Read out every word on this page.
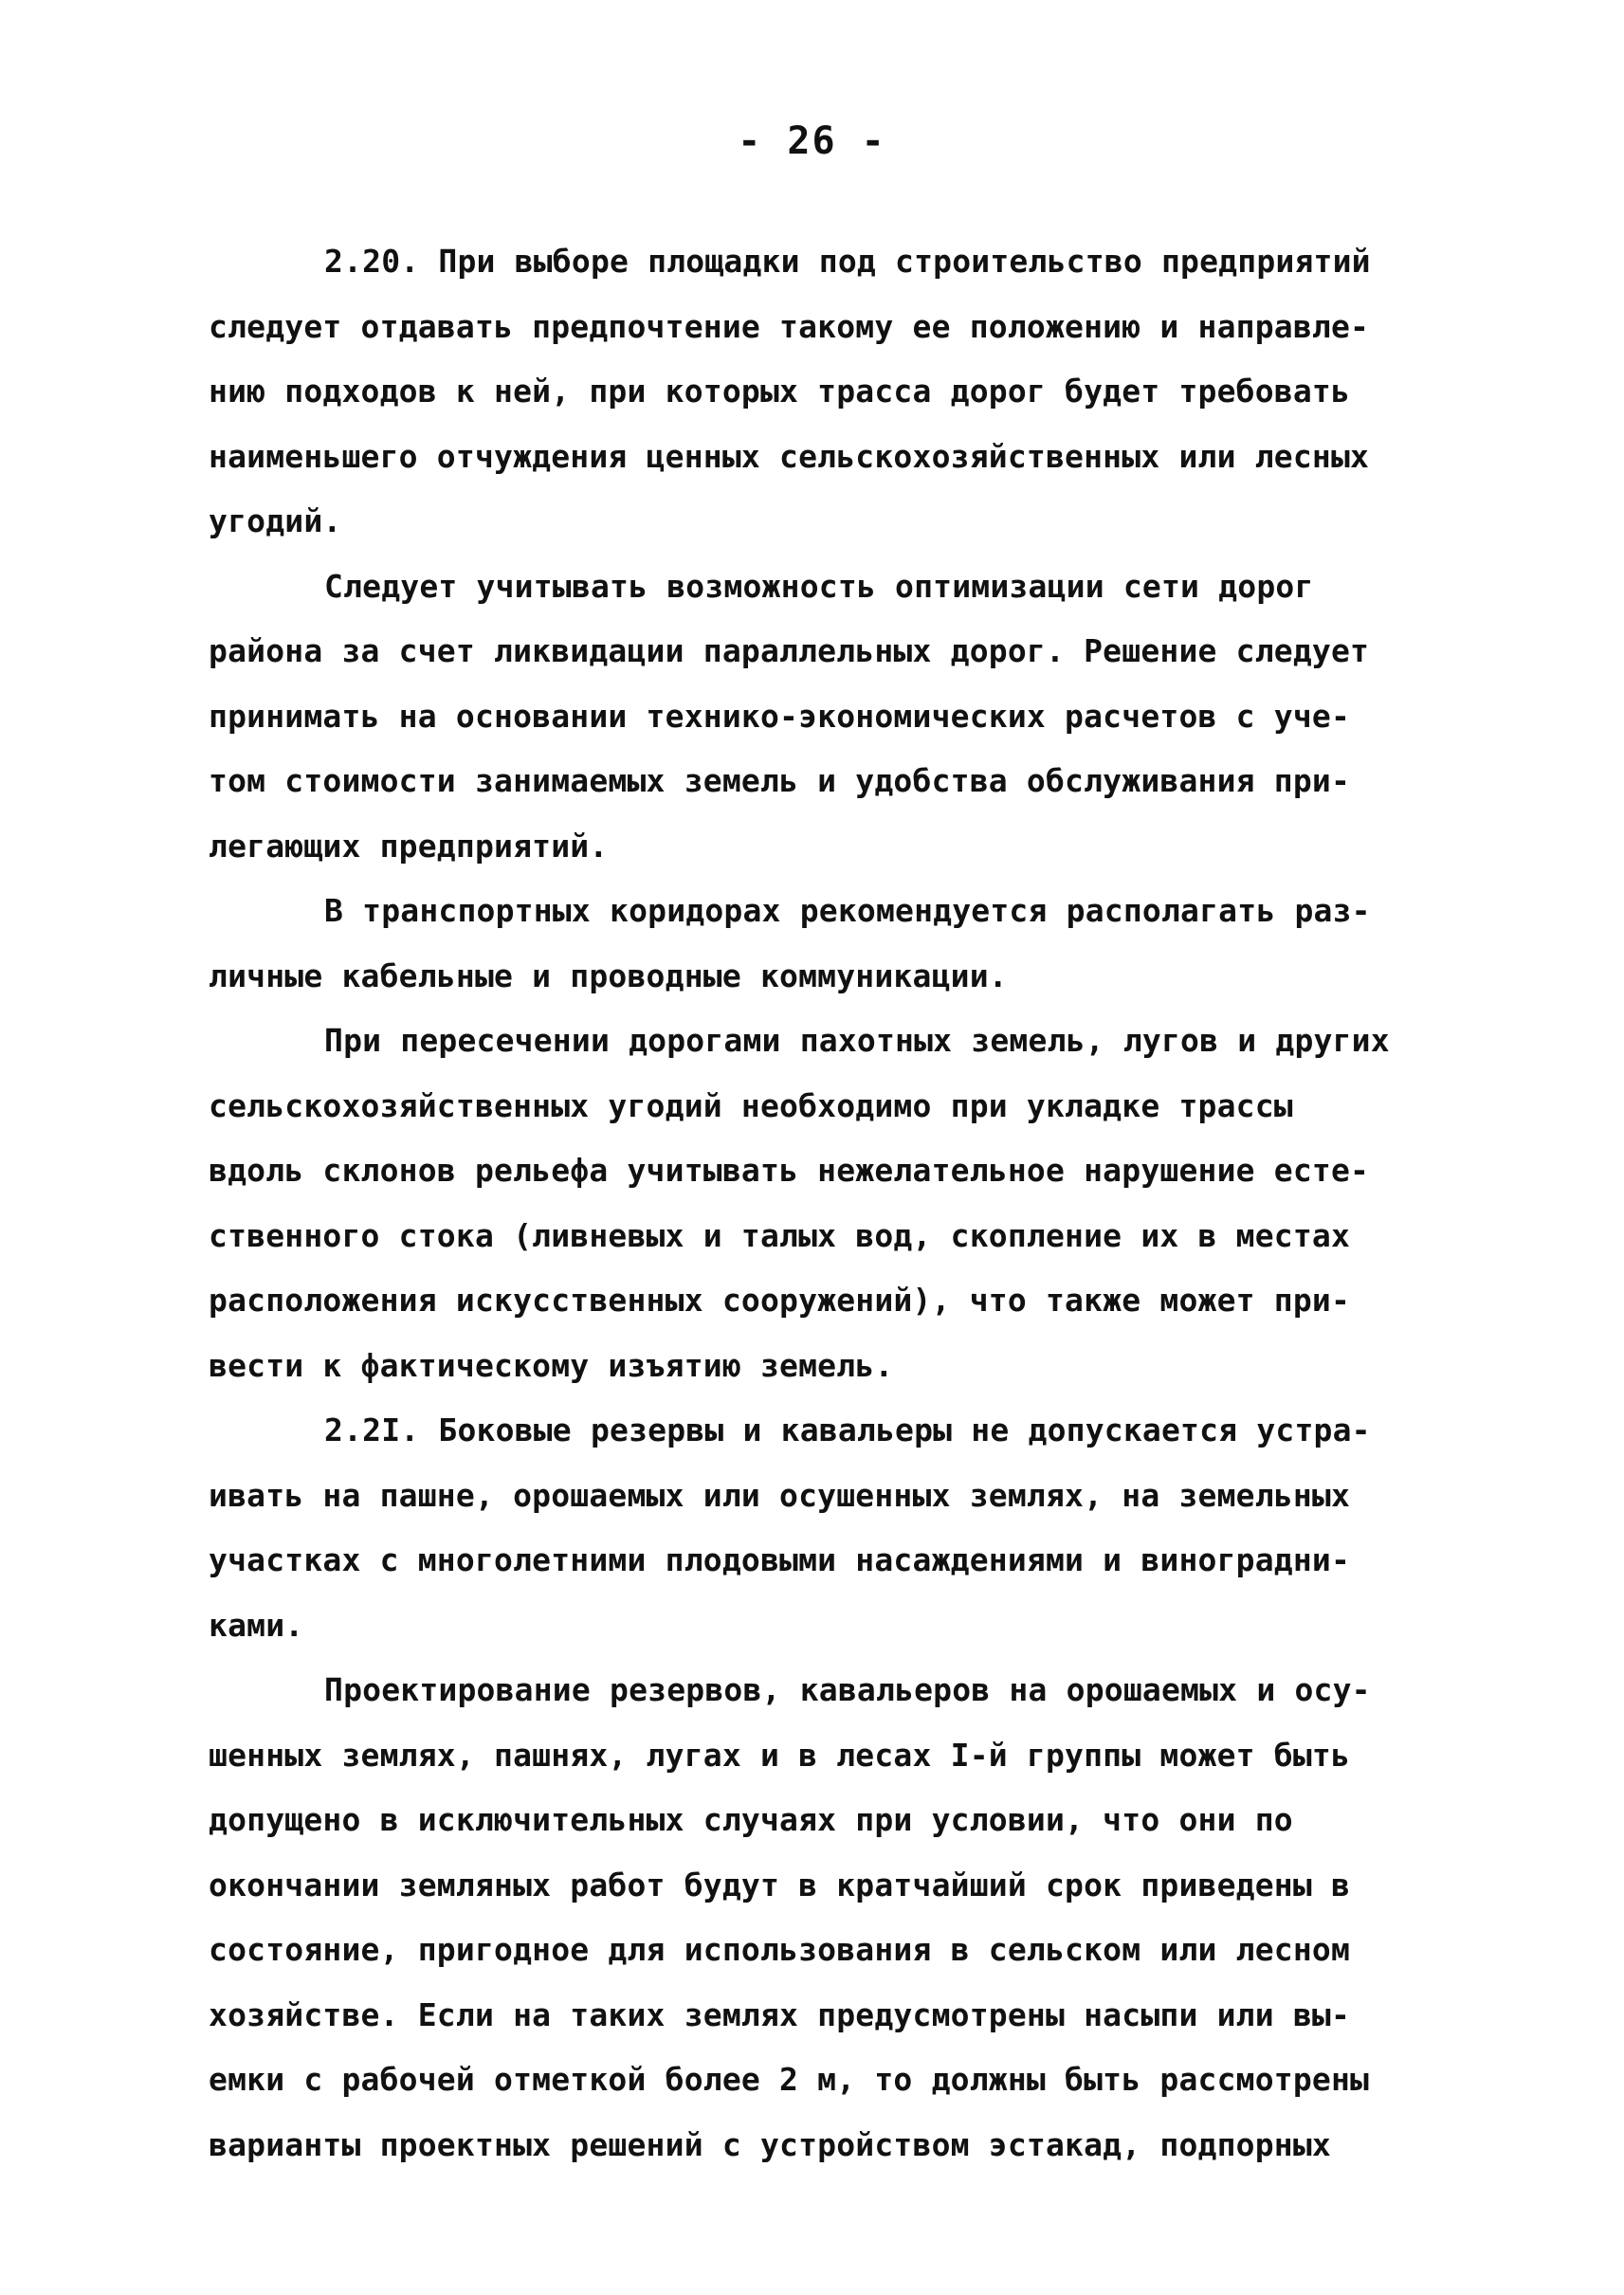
- 26 -
2.20. При выборе площадки под строительство предприятий
следует отдавать предпочтение такому ее положению и направле-
нию подходов к ней, при которых трасса дорог будет требовать
наименьшего отчуждения ценных сельскохозяйственных или лесных
угодий.
Следует учитывать возможность оптимизации сети дорог
района за счет ликвидации параллельных дорог. Решение следует
принимать на основании технико-экономических расчетов с уче-
том стоимости занимаемых земель и удобства обслуживания при-
легающих предприятий.
В транспортных коридорах рекомендуется располагать раз-
личные кабельные и проводные коммуникации.
При пересечении дорогами пахотных земель, лугов и других
сельскохозяйственных угодий необходимо при укладке трассы
вдоль склонов рельефа учитывать нежелательное нарушение есте-
ственного стока (ливневых и талых вод, скопление их в местах
расположения искусственных сооружений), что также может при-
вести к фактическому изъятию земель.
2.2I. Боковые резервы и кавальеры не допускается устра-
ивать на пашне, орошаемых или осушенных землях, на земельных
участках с многолетними плодовыми насаждениями и виноградни-
ками.
Проектирование резервов, кавальеров на орошаемых и осу-
шенных землях, пашнях, лугах и в лесах I-й группы может быть
допущено в исключительных случаях при условии, что они по
окончании земляных работ будут в кратчайший срок приведены в
состояние, пригодное для использования в сельском или лесном
хозяйстве. Если на таких землях предусмотрены насыпи или вы-
емки с рабочей отметкой более 2 м, то должны быть рассмотрены
варианты проектных решений с устройством эстакад, подпорных
